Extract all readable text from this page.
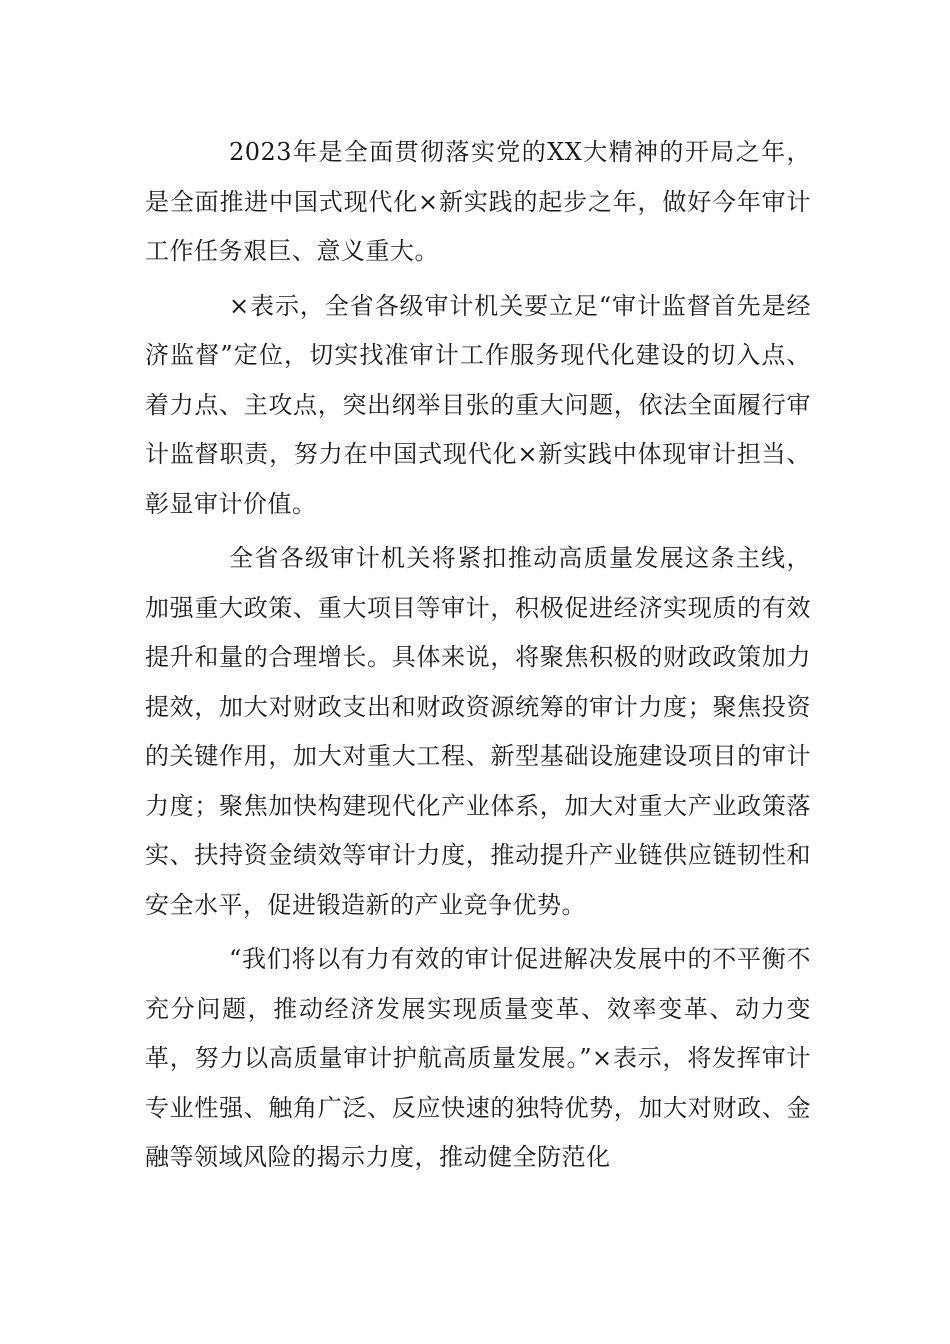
2023年是全面贯彻落实党的XX大精神的开局之年，是全面推进中国式现代化×新实践的起步之年，做好今年审计工作任务艰巨、意义重大。

×表示，全省各级审计机关要立足“审计监督首先是经济监督”定位，切实找准审计工作服务现代化建设的切入点、着力点、主攻点，突出纲举目张的重大问题，依法全面履行审计监督职责，努力在中国式现代化×新实践中体现审计担当、彰显审计价值。

全省各级审计机关将紧扣推动高质量发展这条主线，加强重大政策、重大项目等审计，积极促进经济实现质的有效提升和量的合理增长。具体来说，将聚焦积极的财政政策加力提效，加大对财政支出和财政资源统筹的审计力度；聚焦投资的关键作用，加大对重大工程、新型基础设施建设项目的审计力度；聚焦加快构建现代化产业体系，加大对重大产业政策落实、扶持资金绩效等审计力度，推动提升产业链供应链韧性和安全水平，促进锻造新的产业竞争优势。

“我们将以有力有效的审计促进解决发展中的不平衡不充分问题，推动经济发展实现质量变革、效率变革、动力变革，努力以高质量审计护航高质量发展。”×表示，将发挥审计专业性强、触角广泛、反应快速的独特优势，加大对财政、金融等领域风险的揭示力度，推动健全防范化
